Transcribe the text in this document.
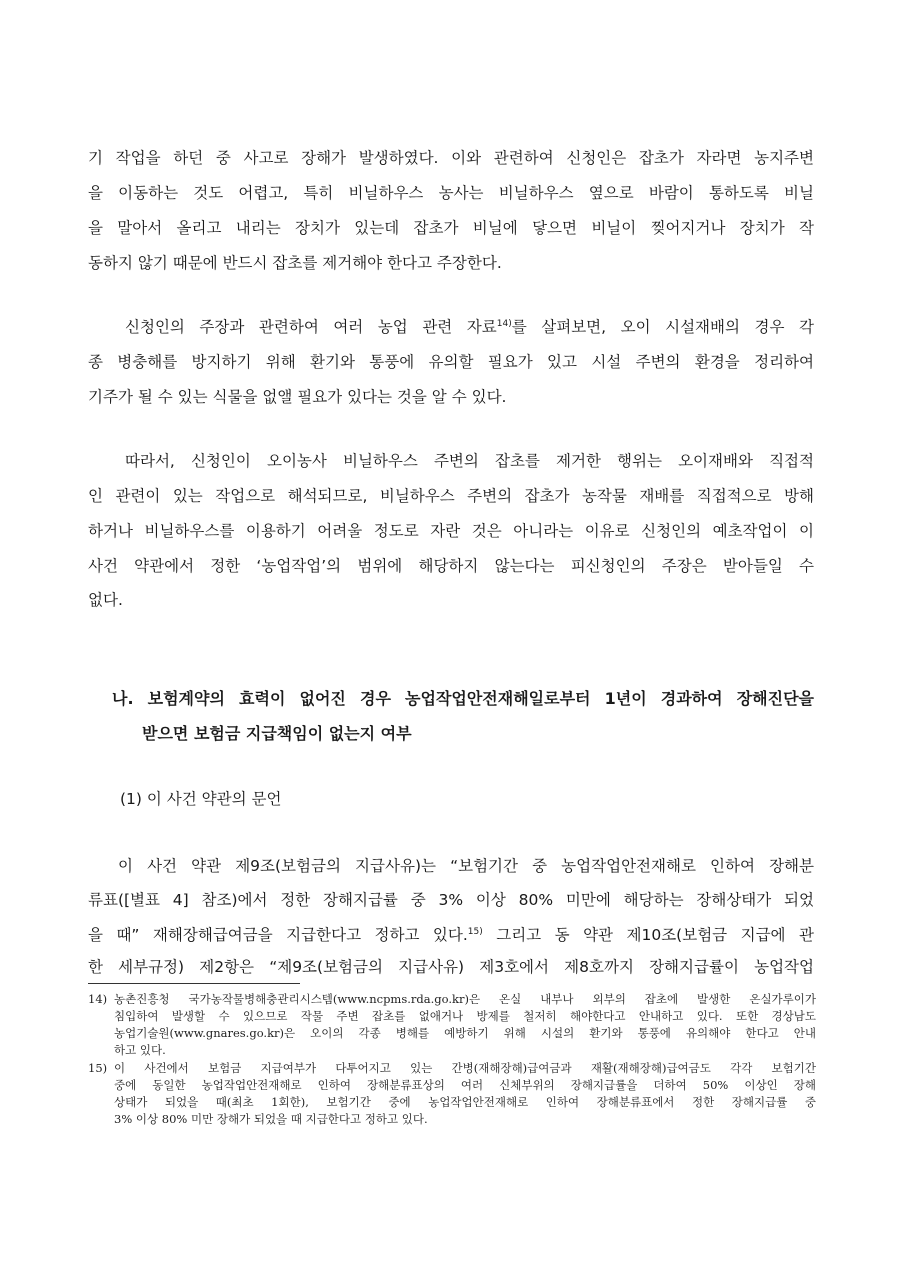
기 작업을 하던 중 사고로 장해가 발생하였다. 이와 관련하여 신청인은 잡초가 자라면 농지주변
을 이동하는 것도 어렵고, 특히 비닐하우스 농사는 비닐하우스 옆으로 바람이 통하도록 비닐
을 말아서 올리고 내리는 장치가 있는데 잡초가 비닐에 닿으면 비닐이 찢어지거나 장치가 작
동하지 않기 때문에 반드시 잡초를 제거해야 한다고 주장한다.
신청인의 주장과 관련하여 여러 농업 관련 자료$^{14)}$를 살펴보면, 오이 시설재배의 경우 각
종 병충해를 방지하기 위해 환기와 통풍에 유의할 필요가 있고 시설 주변의 환경을 정리하여
기주가 될 수 있는 식물을 없앨 필요가 있다는 것을 알 수 있다.
따라서, 신청인이 오이농사 비닐하우스 주변의 잡초를 제거한 행위는 오이재배와 직접적
인 관련이 있는 작업으로 해석되므로, 비닐하우스 주변의 잡초가 농작물 재배를 직접적으로 방해
하거나 비닐하우스를 이용하기 어려울 정도로 자란 것은 아니라는 이유로 신청인의 예초작업이 이
사건 약관에서 정한 ‘농업작업’의 범위에 해당하지 않는다는 피신청인의 주장은 받아들일 수
없다.
나. 보험계약의 효력이 없어진 경우 농업작업안전재해일로부터 1년이 경과하여 장해진단을
받으면 보험금 지급책임이 없는지 여부
(1) 이 사건 약관의 문언
이 사건 약관 제9조(보험금의 지급사유)는 “보험기간 중 농업작업안전재해로 인하여 장해분
류표([별표 4] 참조)에서 정한 장해지급률 중 3% 이상 80% 미만에 해당하는 장해상태가 되었
을 때” 재해장해급여금을 지급한다고 정하고 있다.$^{15)}$ 그리고 동 약관 제10조(보험금 지급에 관
한 세부규정) 제2항은 “제9조(보험금의 지급사유) 제3호에서 제8호까지 장해지급률이 농업작업
14) 농촌진흥청 국가농작물병해충관리시스템(www.ncpms.rda.go.kr)은 온실 내부나 외부의 잡초에 발생한 온실가루이가
침입하여 발생할 수 있으므로 작물 주변 잡초를 없애거나 방제를 철저히 해야한다고 안내하고 있다. 또한 경상남도
농업기술원(www.gnares.go.kr)은 오이의 각종 병해를 예방하기 위해 시설의 환기와 통풍에 유의해야 한다고 안내
하고 있다.
15) 이 사건에서 보험금 지급여부가 다투어지고 있는 간병(재해장해)급여금과 재활(재해장해)급여금도 각각 보험기간
중에 동일한 농업작업안전재해로 인하여 장해분류표상의 여러 신체부위의 장해지급률을 더하여 50% 이상인 장해
상태가 되었을 때(최초 1회한), 보험기간 중에 농업작업안전재해로 인하여 장해분류표에서 정한 장해지급률 중
3% 이상 80% 미만 장해가 되었을 때 지급한다고 정하고 있다.
